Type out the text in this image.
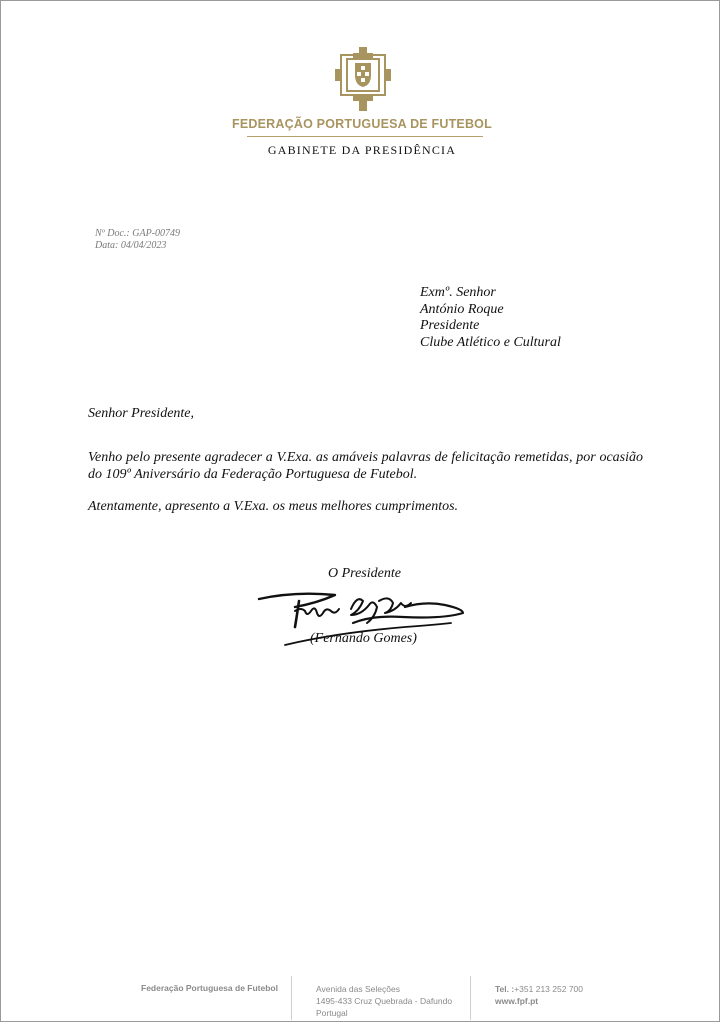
FEDERAÇÃO PORTUGUESA DE FUTEBOL
GABINETE DA PRESIDÊNCIA
Nº Doc.: GAP-00749
Data: 04/04/2023
Exmº. Senhor
António Roque
Presidente
Clube Atlético e Cultural
Senhor Presidente,
Venho pelo presente agradecer a V.Exa. as amáveis palavras de felicitação remetidas, por ocasião do 109º Aniversário da Federação Portuguesa de Futebol.
Atentamente, apresento a V.Exa. os meus melhores cumprimentos.
O Presidente
(Fernando Gomes)
Federação Portuguesa de Futebol	Avenida das Seleções
1495-433 Cruz Quebrada - Dafundo
Portugal
Tel. :+351 213 252 700
www.fpf.pt
